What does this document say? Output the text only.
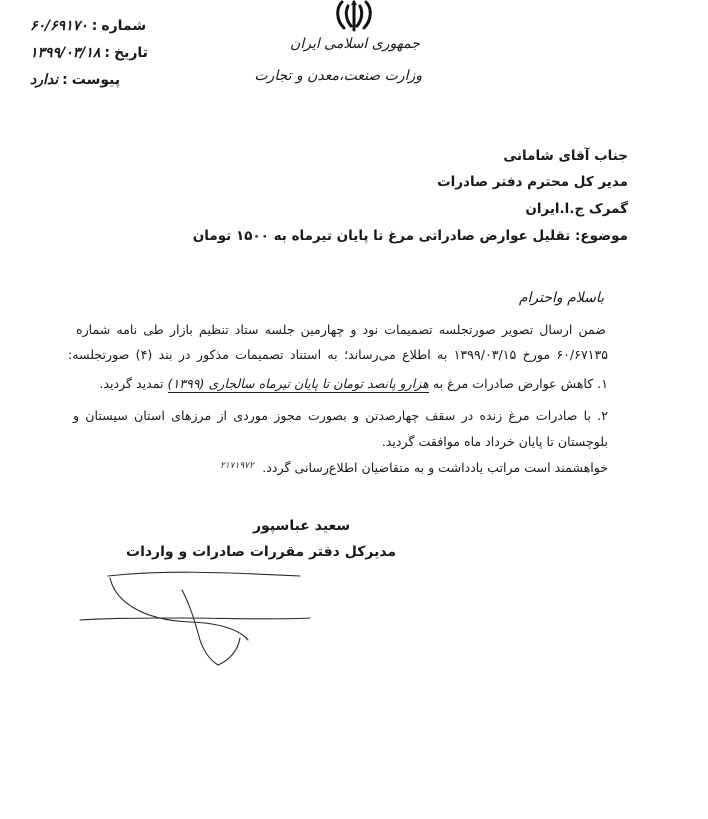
شماره:۶۰/۶۹۱۷۰
تاریخ:۱۳۹۹/۰۳/۱۸
پیوست:ندارد
جمهوری اسلامی ایران
وزارت صنعت،معدن و تجارت
جناب آقای شامانی
مدیر کل محترم دفتر صادرات
گمرک ج.ا.ایران
موضوع: تقلیل عوارض صادراتی مرغ تا پایان تیرماه به ۱۵۰۰ تومان
باسلام واحترام
ضمن ارسال تصویر صورتجلسه تصمیمات نود و چهارمین جلسه ستاد تنظیم بازار طی نامه شماره
۶۰/۶۷۱۳۵ مورخ ۱۳۹۹/۰۳/۱۵ به اطلاع می‌رساند؛ به استناد تصمیمات مذکور در بند (۴) صورتجلسه:
۱. کاهش عوارض صادرات مرغ به هزارو پانصد تومان تا پایان تیرماه سالجاری (۱۳۹۹) تمدید گردید.
۲. با صادرات مرغ زنده در سقف چهارصدتن و بصورت مجوز موردی از مرزهای استان سیستان و
بلوچستان تا پایان خرداد ماه موافقت گردید.
خواهشمند است مراتب یادداشت و به متقاضیان اطلاع‌رسانی گردد.
۲۱۷۱۹۷۲
سعید عباسپور
مدیرکل دفتر مقررات صادرات و واردات
